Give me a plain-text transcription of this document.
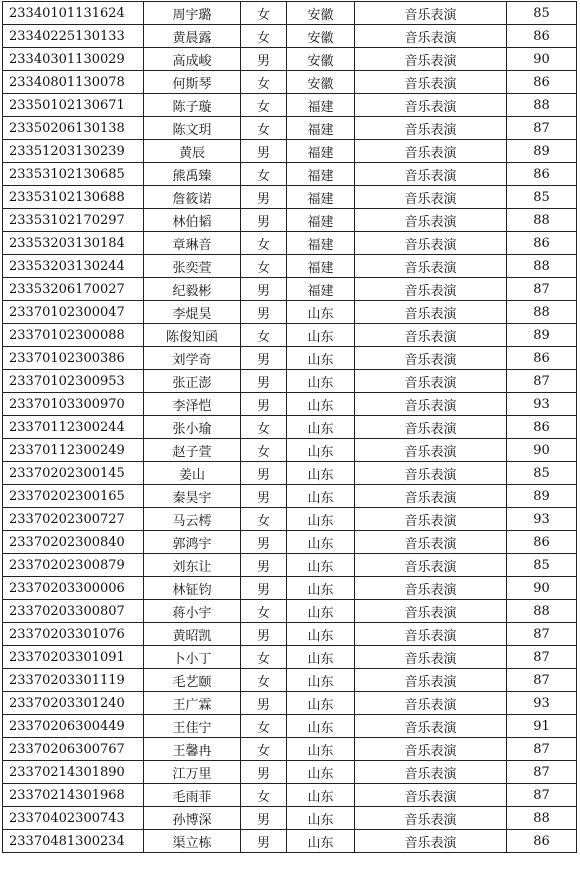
23340101131624	周宇璐	女	安徽	音乐表演	85
23340225130133	黄晨露	女	安徽	音乐表演	86
23340301130029	高成峻	男	安徽	音乐表演	90
23340801130078	何斯琴	女	安徽	音乐表演	86
23350102130671	陈子璇	女	福建	音乐表演	88
23350206130138	陈文玥	女	福建	音乐表演	87
23351203130239	黄辰	男	福建	音乐表演	89
23353102130685	熊禹臻	女	福建	音乐表演	86
23353102130688	詹筱诺	男	福建	音乐表演	85
23353102170297	林伯韬	男	福建	音乐表演	88
23353203130184	章琳音	女	福建	音乐表演	86
23353203130244	张奕萱	女	福建	音乐表演	88
23353206170027	纪毅彬	男	福建	音乐表演	87
23370102300047	李焜昊	男	山东	音乐表演	88
23370102300088	陈俊知函	女	山东	音乐表演	89
23370102300386	刘学奇	男	山东	音乐表演	86
23370102300953	张正澎	男	山东	音乐表演	87
23370103300970	李泽恺	男	山东	音乐表演	93
23370112300244	张小瑜	女	山东	音乐表演	86
23370112300249	赵子萱	女	山东	音乐表演	90
23370202300145	姜山	男	山东	音乐表演	85
23370202300165	秦昊宇	男	山东	音乐表演	89
23370202300727	马云樗	女	山东	音乐表演	93
23370202300840	郭鸿宇	男	山东	音乐表演	86
23370202300879	刘东让	男	山东	音乐表演	85
23370203300006	林钲钧	男	山东	音乐表演	90
23370203300807	蒋小宇	女	山东	音乐表演	88
23370203301076	黄昭凯	男	山东	音乐表演	87
23370203301091	卜小丁	女	山东	音乐表演	87
23370203301119	毛艺颐	女	山东	音乐表演	87
23370203301240	王广霖	男	山东	音乐表演	93
23370206300449	王佳宁	女	山东	音乐表演	91
23370206300767	王馨冉	女	山东	音乐表演	87
23370214301890	江万里	男	山东	音乐表演	87
23370214301968	毛雨菲	女	山东	音乐表演	87
23370402300743	孙博深	男	山东	音乐表演	88
23370481300234	渠立栋	男	山东	音乐表演	86
